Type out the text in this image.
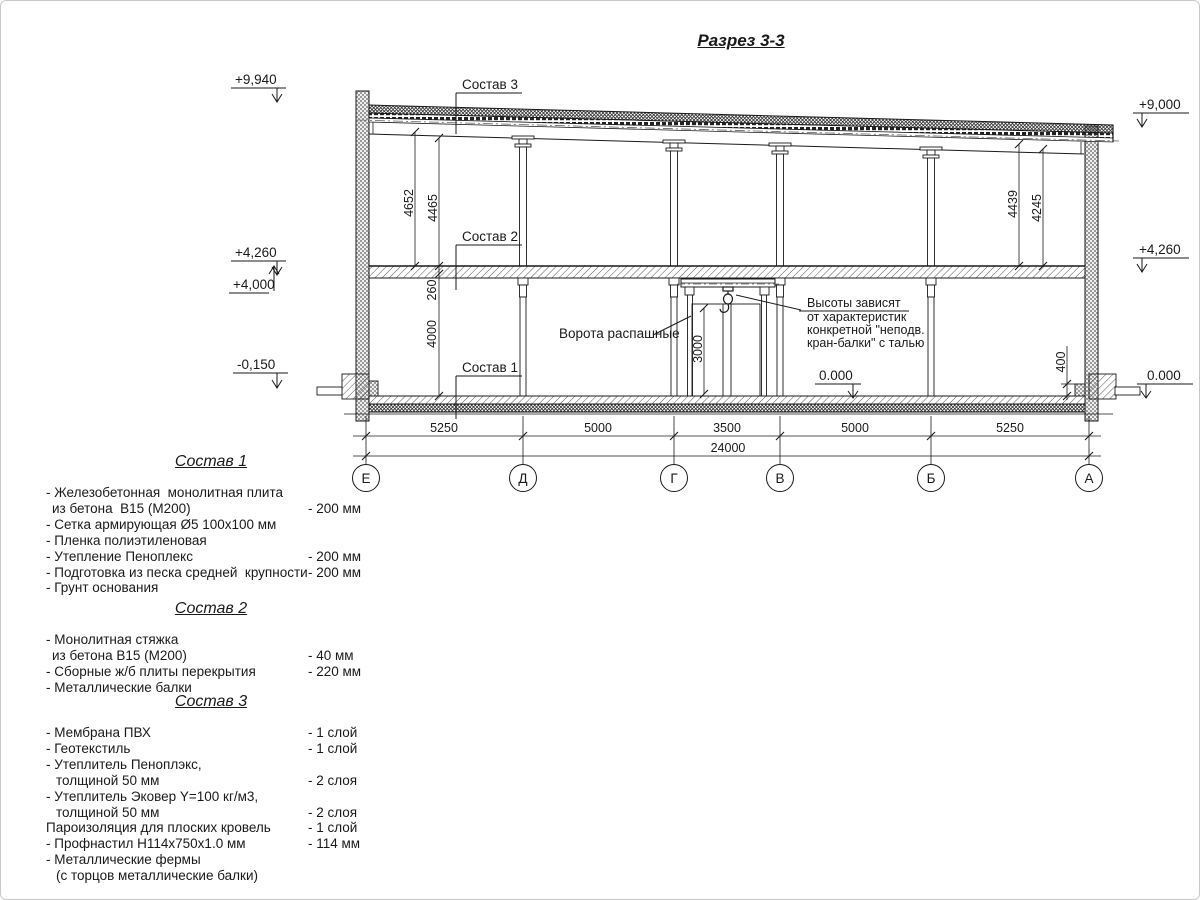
Разрез 3-3
+9,940
+4,260
+4,000
-0,150
+9,000
+4,260
0.000
0.000
4652 4465	4439 4245
260
4000
3000	400
5250	5000	3500	5000	5250
24000
Е	Д	Г	В	Б	А
Состав 3
Состав 2
Состав 1
Ворота распашные
Высоты зависят
от характеристик
конкретной "неподв.
кран-балки" с талью
Состав 1
- Железобетонная  монолитная плита
из бетона  В15 (М200)	- 200 мм
- Сетка армирующая Ø5 100х100 мм
- Пленка полиэтиленовая
- Утепление Пеноплекс	- 200 мм
- Подготовка из песка средней  крупности - 200 мм
- Грунт основания
Состав 2
- Монолитная стяжка
из бетона В15 (М200)	- 40 мм
- Сборные ж/б плиты перекрытия	- 220 мм
- Металлические балки
Состав 3
- Мембрана ПВХ	- 1 слой
- Геотекстиль	- 1 слой
- Утеплитель Пеноплэкс,
толщиной 50 мм	- 2 слоя
- Утеплитель Эковер Y=100 кг/м3,
толщиной 50 мм	- 2 слоя
Пароизоляция для плоских кровель	- 1 слой
- Профнастил Н114х750х1.0 мм	- 114 мм
- Металлические фермы
(с торцов металлические балки)
